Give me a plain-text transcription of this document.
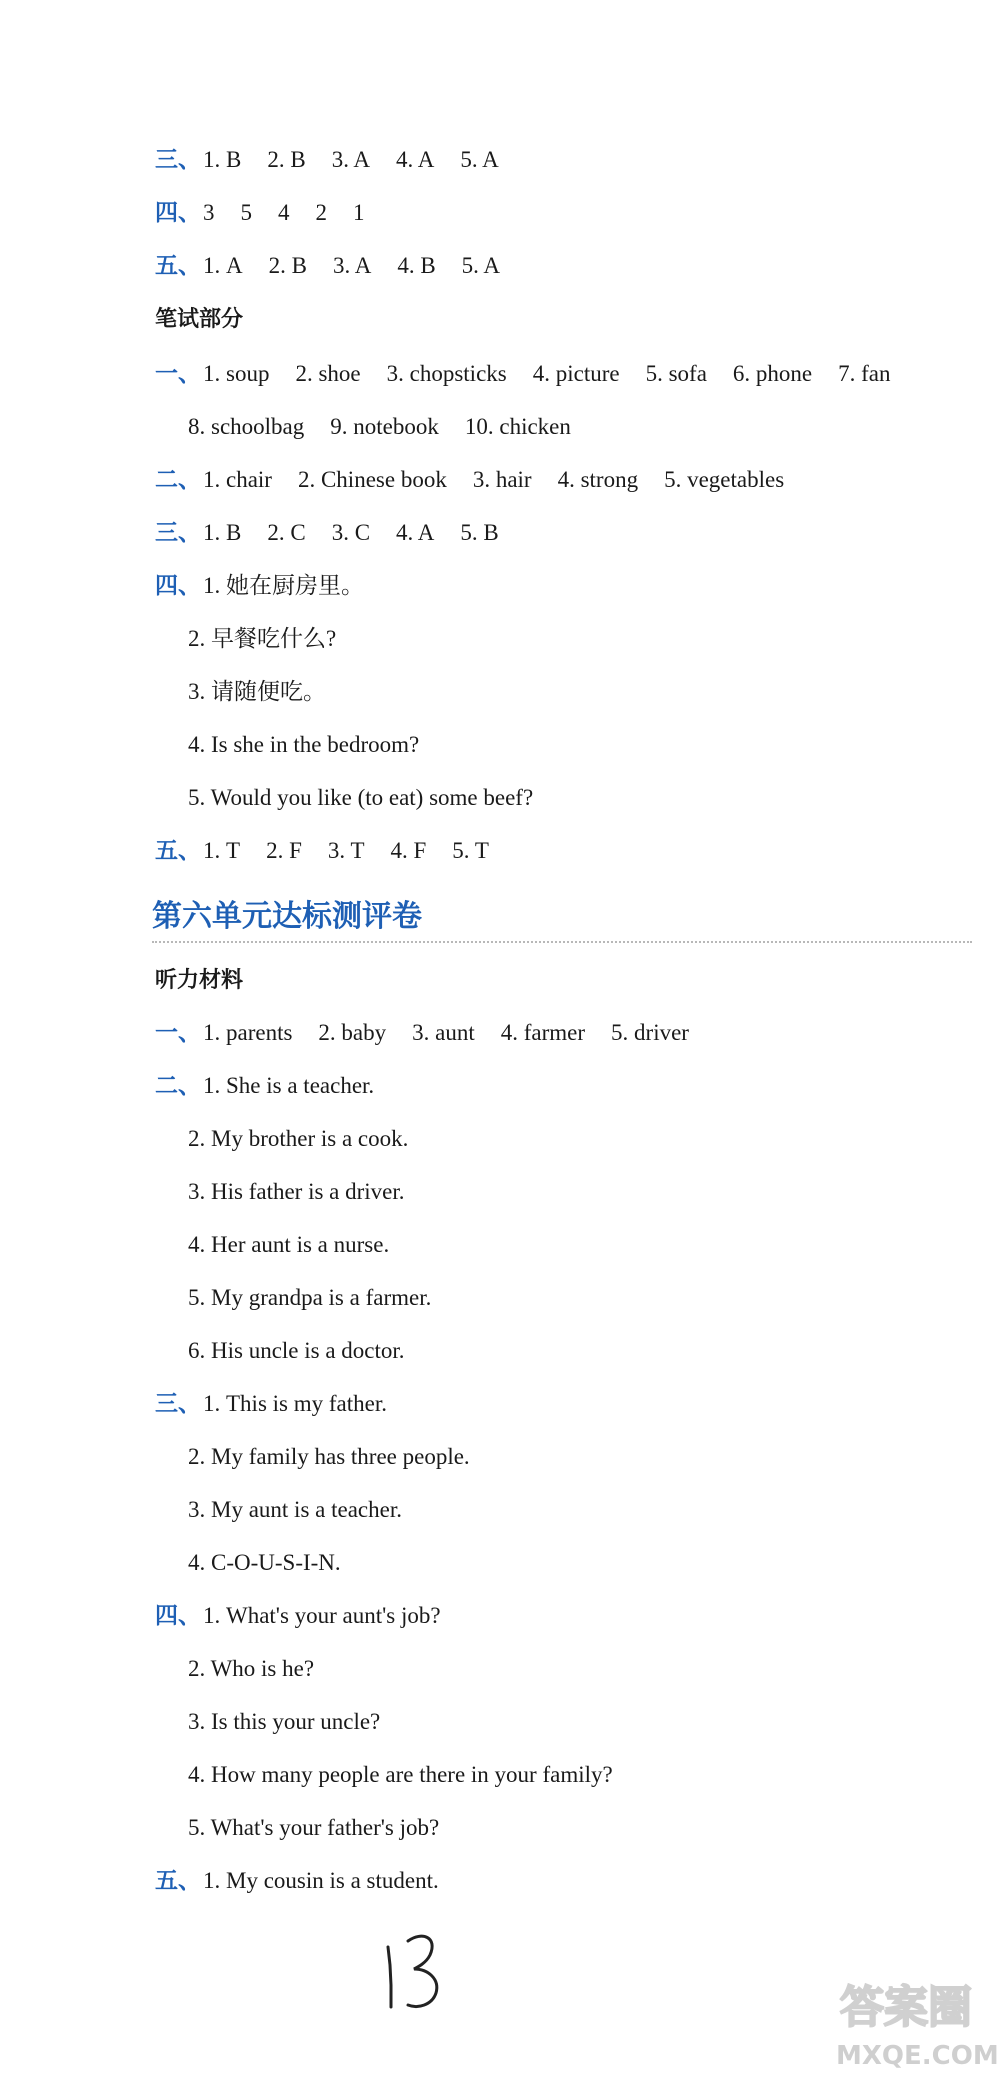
三、1. B 2. B 3. A 4. A 5. A
四、3 5 4 2 1
五、1. A 2. B 3. A 4. B 5. A
笔试部分
一、1. soup 2. shoe 3. chopsticks 4. picture 5. sofa 6. phone 7. fan
8. schoolbag 9. notebook 10. chicken
二、1. chair 2. Chinese book 3. hair 4. strong 5. vegetables
三、1. B 2. C 3. C 4. A 5. B
四、1. 她在厨房里。
2. 早餐吃什么?
3. 请随便吃。
4. Is she in the bedroom?
5. Would you like (to eat) some beef?
五、1. T 2. F 3. T 4. F 5. T
第六单元达标测评卷
听力材料
一、1. parents 2. baby 3. aunt 4. farmer 5. driver
二、1. She is a teacher.
2. My brother is a cook.
3. His father is a driver.
4. Her aunt is a nurse.
5. My grandpa is a farmer.
6. His uncle is a doctor.
三、1. This is my father.
2. My family has three people.
3. My aunt is a teacher.
4. C-O-U-S-I-N.
四、1. What's your aunt's job?
2. Who is he?
3. Is this your uncle?
4. How many people are there in your family?
5. What's your father's job?
五、1. My cousin is a student.
答案圈
MXQE.COM
